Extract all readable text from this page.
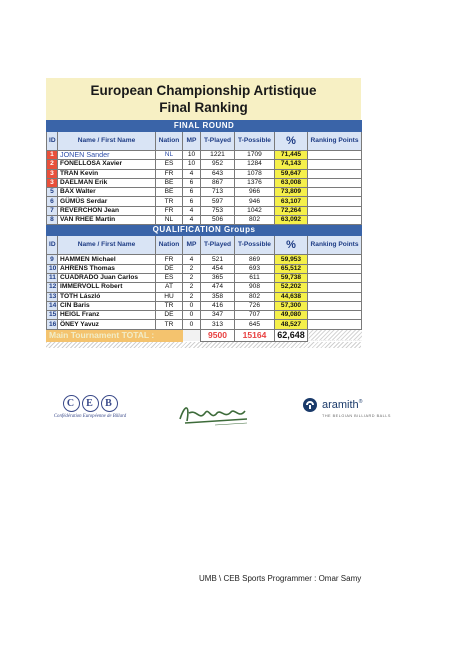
European Championship Artistique
Final Ranking
FINAL ROUND							
ID	Name / First Name	Nation	MP	T-Played	T-Possible	%	Ranking Points
1	JONEN Sander	NL	10	1221	1709	71,445	
2	FONELLOSA Xavier	ES	10	952	1284	74,143	
3	TRAN Kevin	FR	4	643	1078	59,647	
3	DAELMAN Erik	BE	6	867	1376	63,008	
5	BAX Walter	BE	6	713	966	73,809	
6	GÜMÜS Serdar	TR	6	597	946	63,107	
7	REVERCHON Jean	FR	4	753	1042	72,264	
8	VAN RHEE Martin	NL	4	506	802	63,092	
QUALIFICATION Groups							
ID	Name / First Name	Nation	MP	T-Played	T-Possible	%	Ranking Points
9	HAMMEN Michael	FR	4	521	869	59,953	
10	AHRENS Thomas	DE	2	454	693	65,512	
11	CUADRADO Juan Carlos	ES	2	365	611	59,738	
12	IMMERVOLL Robert	AT	2	474	908	52,202	
13	TÓTH László	HU	2	358	802	44,638	
14	CIN Baris	TR	0	416	726	57,300	
15	HEIGL Franz	DE	0	347	707	49,080	
16	ÖNEY Yavuz	TR	0	313	645	48,527	
Main Tournament TOTAL :				9500	15164	62,648	
C E B
Confédération Européenne de Billard
aramith®
THE BELGIAN BILLIARD BALLS
UMB \ CEB Sports Programmer : Omar Samy
